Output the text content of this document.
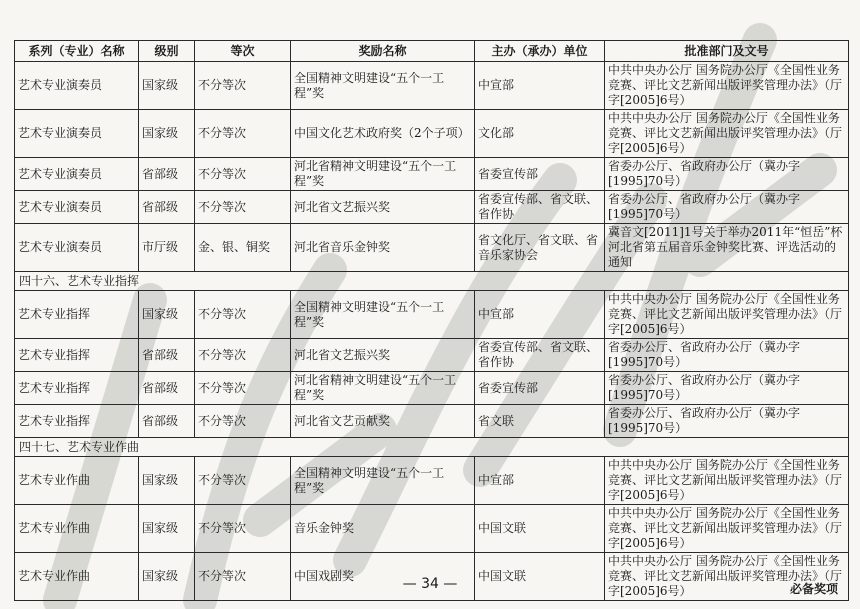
系列（专业）名称	级别	等次	奖励名称	主办（承办）单位	批准部门及文号
艺术专业演奏员	国家级	不分等次	全国精神文明建设“五个一工程”奖	中宣部	中共中央办公厅 国务院办公厅《全国性业务竞赛、评比文艺新闻出版评奖管理办法》（厅字[2005]6号）
艺术专业演奏员	国家级	不分等次	中国文化艺术政府奖（2个子项）	文化部	中共中央办公厅 国务院办公厅《全国性业务竞赛、评比文艺新闻出版评奖管理办法》（厅字[2005]6号）
艺术专业演奏员	省部级	不分等次	河北省精神文明建设“五个一工程”奖	省委宣传部	省委办公厅、省政府办公厅（冀办字[1995]70号）
艺术专业演奏员	省部级	不分等次	河北省文艺振兴奖	省委宣传部、省文联、省作协	省委办公厅、省政府办公厅（冀办字[1995]70号）
艺术专业演奏员	市厅级	金、银、铜奖	河北省音乐金钟奖	省文化厅、省文联、省音乐家协会	冀音文[2011]1号关于举办2011年“恒岳”杯河北省第五届音乐金钟奖比赛、评选活动的通知
四十六、艺术专业指挥					
艺术专业指挥	国家级	不分等次	全国精神文明建设“五个一工程”奖	中宣部	中共中央办公厅 国务院办公厅《全国性业务竞赛、评比文艺新闻出版评奖管理办法》（厅字[2005]6号）
艺术专业指挥	省部级	不分等次	河北省文艺振兴奖	省委宣传部、省文联、省作协	省委办公厅、省政府办公厅（冀办字[1995]70号）
艺术专业指挥	省部级	不分等次	河北省精神文明建设“五个一工程”奖	省委宣传部	省委办公厅、省政府办公厅（冀办字[1995]70号）
艺术专业指挥	省部级	不分等次	河北省文艺贡献奖	省文联	省委办公厅、省政府办公厅（冀办字[1995]70号）
四十七、艺术专业作曲					
艺术专业作曲	国家级	不分等次	全国精神文明建设“五个一工程”奖	中宣部	中共中央办公厅 国务院办公厅《全国性业务竞赛、评比文艺新闻出版评奖管理办法》（厅字[2005]6号）
艺术专业作曲	国家级	不分等次	音乐金钟奖	中国文联	中共中央办公厅 国务院办公厅《全国性业务竞赛、评比文艺新闻出版评奖管理办法》（厅字[2005]6号）
艺术专业作曲	国家级	不分等次	中国戏剧奖	中国文联	中共中央办公厅 国务院办公厅《全国性业务竞赛、评比文艺新闻出版评奖管理办法》（厅字[2005]6号）
— 34 —	必备奖项
